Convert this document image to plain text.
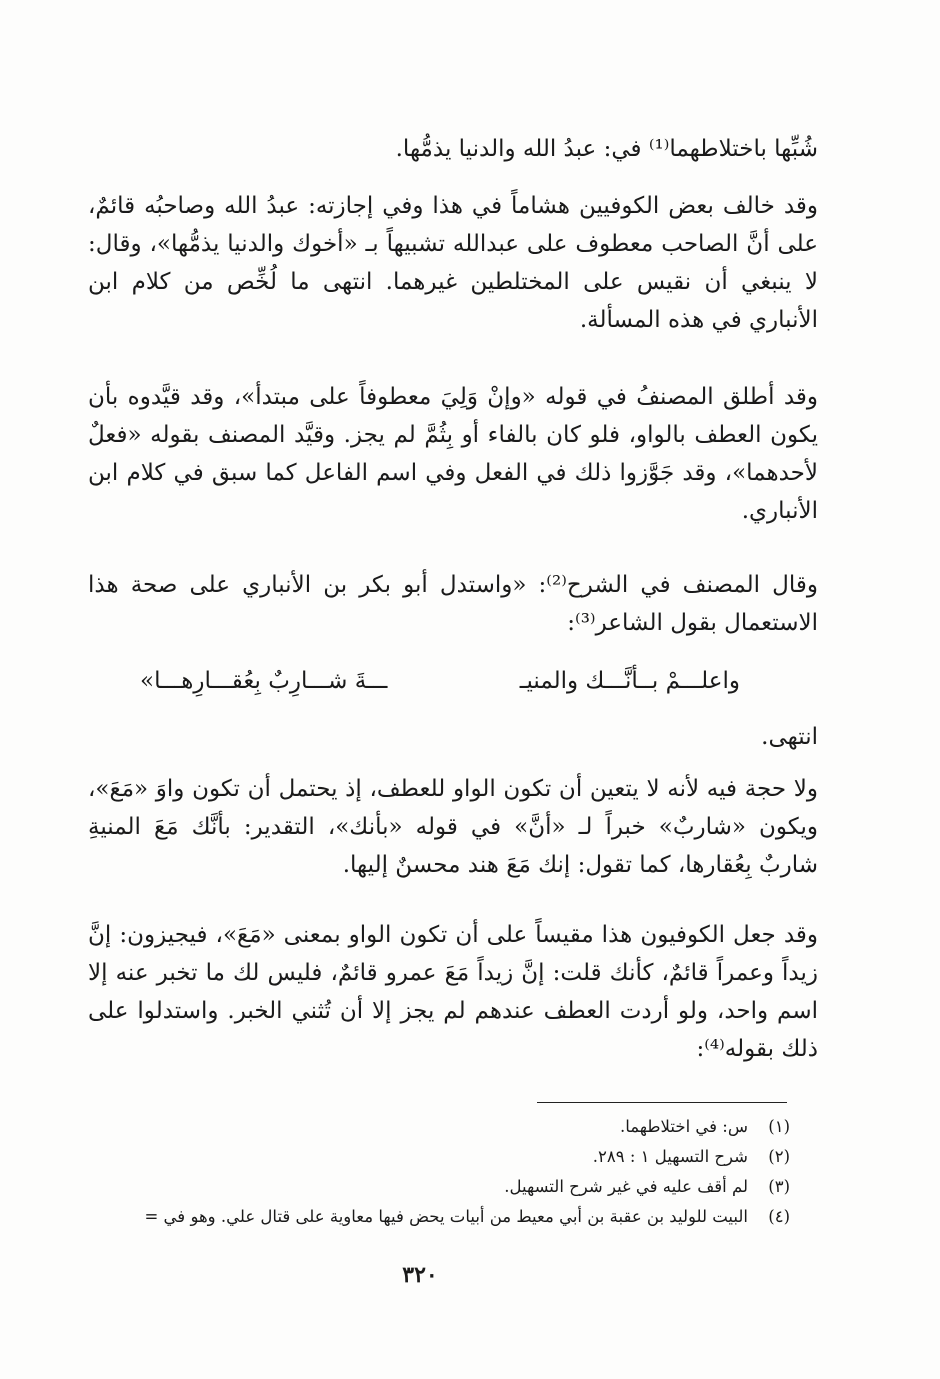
شُبِّها باختلاطهما⁽¹⁾ في: عبدُ الله والدنيا يذمُّها.

وقد خالف بعض الكوفيين هشاماً في هذا وفي إجازته: عبدُ الله وصاحبُه قائمٌ، على أنَّ الصاحب معطوف على عبدالله تشبيهاً بـ «أخوك والدنيا يذمُّها»، وقال: لا ينبغي أن نقيس على المختلطين غيرهما. انتهى ما لُخِّص من كلام ابن الأنباري في هذه المسألة.

وقد أطلق المصنفُ في قوله «وإنْ وَلِيَ معطوفاً على مبتدأ»، وقد قيَّدوه بأن يكون العطف بالواو، فلو كان بالفاء أو بِثُمَّ لم يجز. وقيَّد المصنف بقوله «فعلٌ لأحدهما»، وقد جَوَّزوا ذلك في الفعل وفي اسم الفاعل كما سبق في كلام ابن الأنباري.

وقال المصنف في الشرح⁽²⁾: «واستدل أبو بكر بن الأنباري على صحة هذا الاستعمال بقول الشاعر⁽³⁾:

واعلـــمْ بــأنَّـــك والمنيـ
ـــةَ شـــارِبٌ بِعُقـــارِهـــا»

انتهى.

ولا حجة فيه لأنه لا يتعين أن تكون الواو للعطف، إذ يحتمل أن تكون واوَ «مَعَ»، ويكون «شاربٌ» خبراً لـ «أنَّ» في قوله «بأنك»، التقدير: بأنَّك مَعَ المنيةِ شاربٌ بِعُقارها، كما تقول: إنك مَعَ هند محسنٌ إليها.

وقد جعل الكوفيون هذا مقيساً على أن تكون الواو بمعنى «مَعَ»، فيجيزون: إنَّ زيداً وعمراً قائمٌ، كأنك قلت: إنَّ زيداً مَعَ عمرو قائمٌ، فليس لك ما تخبر عنه إلا اسم واحد، ولو أردت العطف عندهم لم يجز إلا أن تُثني الخبر. واستدلوا على ذلك بقوله⁽⁴⁾:

(١)س: في اختلاطهما.
(٢)شرح التسهيل ١ : ٢٨٩.
(٣)لم أقف عليه في غير شرح التسهيل.
(٤)البيت للوليد بن عقبة بن أبي معيط من أبيات يحض فيها معاوية على قتال علي. وهو في =
٣٢٠
